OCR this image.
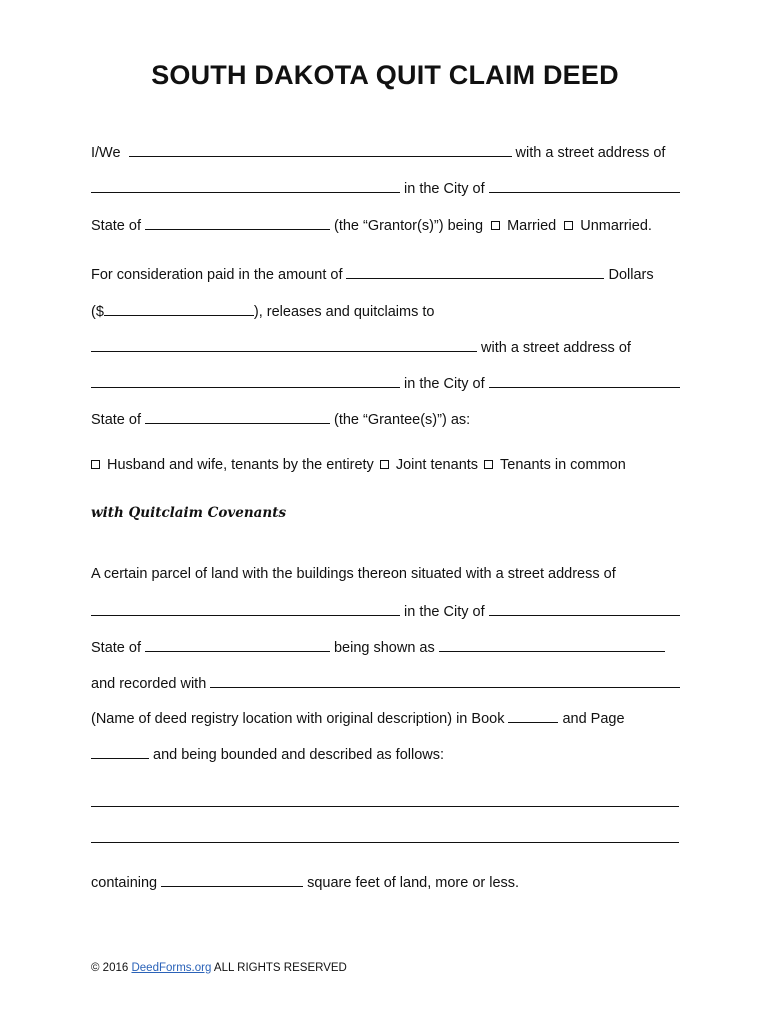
SOUTH DAKOTA QUIT CLAIM DEED
I/We	with a street address of
in the City of
State of	(the “Grantor(s)”) being	Married	Unmarried.
For consideration paid in the amount of	Dollars
($	), releases and quitclaims to
with a street address of
in the City of
State of	(the “Grantee(s)”) as:
Husband and wife, tenants by the entirety	Joint tenants	Tenants in common
with Quitclaim Covenants
A certain parcel of land with the buildings thereon situated with a street address of
in the City of
State of	being shown as
and recorded with
(Name of deed registry location with original description) in Book	and Page
and being bounded and described as follows:
containing	square feet of land, more or less.
© 2016 DeedForms.org ALL RIGHTS RESERVED
